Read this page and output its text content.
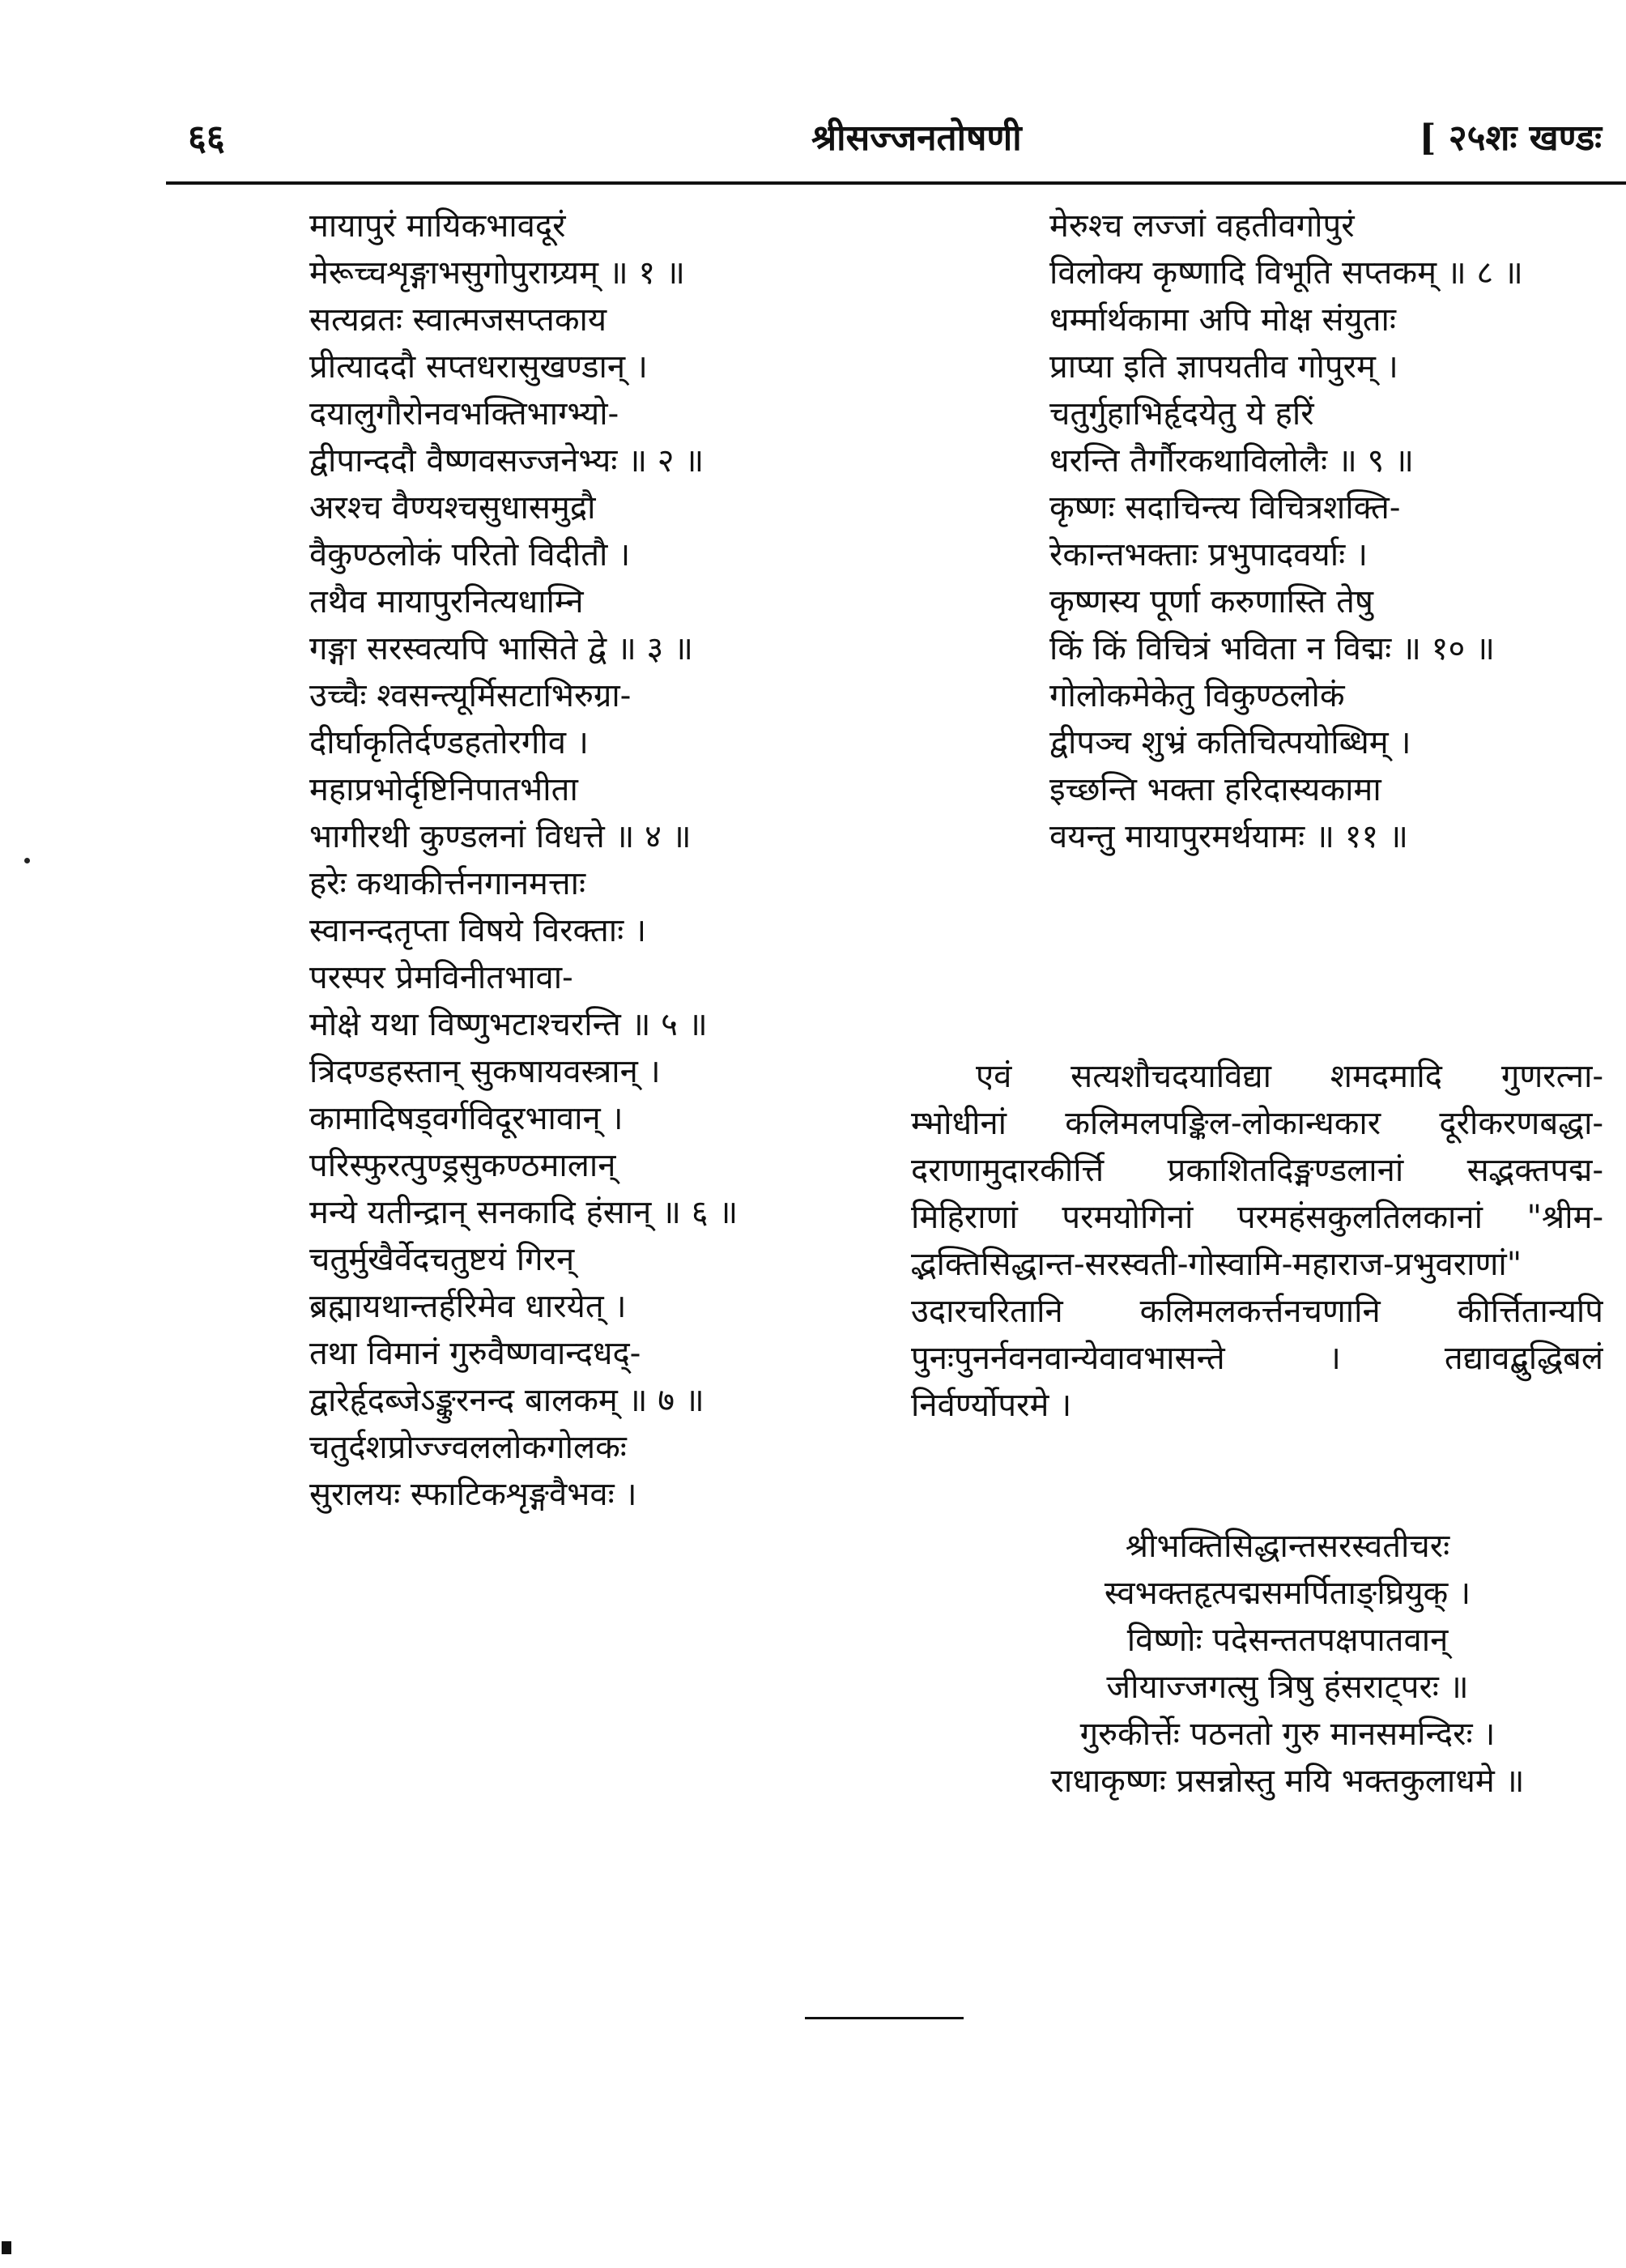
६६	श्रीसज्जनतोषणी	[ २५शः खण्डः
मायापुरं मायिकभावदूरं
मेरूच्चशृङ्गाभसुगोपुराग्र्यम् ॥ १ ॥
सत्यव्रतः स्वात्मजसप्तकाय
प्रीत्याददौ सप्तधरासुखण्डान् ।
दयालुगौरोनवभक्तिभाग्भ्यो-
द्वीपान्ददौ वैष्णवसज्जनेभ्यः ॥ २ ॥
अरश्च वैण्यश्चसुधासमुद्रौ
वैकुण्ठलोकं परितो विदीतौ ।
तथैव मायापुरनित्यधाम्नि
गङ्गा सरस्वत्यपि भासिते द्वे ॥ ३ ॥
उच्चैः श्वसन्त्यूर्मिसटाभिरुग्रा-
दीर्घाकृतिर्दण्डहतोरगीव ।
महाप्रभोर्दृष्टिनिपातभीता
भागीरथी कुण्डलनां विधत्ते ॥ ४ ॥
हरेः कथाकीर्त्तनगानमत्ताः
स्वानन्दतृप्ता विषये विरक्ताः ।
परस्पर प्रेमविनीतभावा-
मोक्षे यथा विष्णुभटाश्चरन्ति ॥ ५ ॥
त्रिदण्डहस्तान् सुकषायवस्त्रान् ।
कामादिषड्वर्गविदूरभावान् ।
परिस्फुरत्पुण्ड्रसुकण्ठमालान्
मन्ये यतीन्द्रान् सनकादि हंसान् ॥ ६ ॥
चतुर्मुखैर्वेदचतुष्टयं गिरन्
ब्रह्मायथान्तर्हरिमेव धारयेत् ।
तथा विमानं गुरुवैष्णवान्दधद्-
द्वारेर्हृदब्जेऽङ्कुरनन्द बालकम् ॥ ७ ॥
चतुर्दशप्रोज्ज्वललोकगोलकः
सुरालयः स्फाटिकशृङ्गवैभवः ।
मेरुश्च लज्जां वहतीवगोपुरं
विलोक्य कृष्णादि विभूति सप्तकम् ॥ ८ ॥
धर्म्मार्थकामा अपि मोक्ष संयुताः
प्राप्या इति ज्ञापयतीव गोपुरम् ।
चतुर्गुहाभिर्हृदयेतु ये हरिं
धरन्ति तैर्गौरकथाविलोलैः ॥ ९ ॥
कृष्णः सदाचिन्त्य विचित्रशक्ति-
रेकान्तभक्ताः प्रभुपादवर्याः ।
कृष्णस्य पूर्णा करुणास्ति तेषु
किं किं विचित्रं भविता न विद्मः ॥ १० ॥
गोलोकमेकेतु विकुण्ठलोकं
द्वीपञ्च शुभ्रं कतिचित्पयोब्धिम् ।
इच्छन्ति भक्ता हरिदास्यकामा
वयन्तु मायापुरमर्थयामः ॥ ११ ॥
एवं सत्यशौचदयाविद्या शमदमादि गुणरत्ना-
म्भोधीनां कलिमलपङ्किल-लोकान्धकार दूरीकरणबद्धा-
दराणामुदारकीर्त्ति प्रकाशितदिङ्मण्डलानां सद्भक्तपद्म-
मिहिराणां परमयोगिनां परमहंसकुलतिलकानां "श्रीम-
द्भक्तिसिद्धान्त-सरस्वती-गोस्वामि-महाराज-प्रभुवराणां"
उदारचरितानि कलिमलकर्त्तनचणानि कीर्त्तितान्यपि
पुनःपुनर्नवनवान्येवावभासन्ते । तद्यावद्बुद्धिबलं
निर्वर्ण्योपरमे ।
श्रीभक्तिसिद्धान्तसरस्वतीचरः
स्वभक्तहृत्पद्मसमर्पिताङ्घ्रियुक् ।
विष्णोः पदेसन्ततपक्षपातवान्
जीयाज्जगत्सु त्रिषु हंसराट्परः ॥
गुरुकीर्त्तेः पठनतो गुरु मानसमन्दिरः ।
राधाकृष्णः प्रसन्नोस्तु मयि भक्तकुलाधमे ॥
